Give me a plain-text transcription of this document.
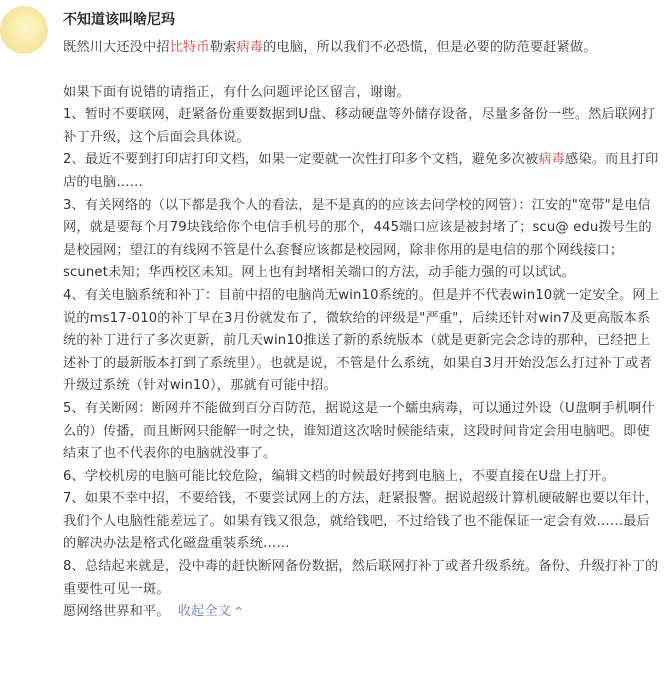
不知道该叫啥尼玛

既然川大还没中招比特币勒索病毒的电脑，所以我们不必恐慌，但是必要的防范要赶紧做。

如果下面有说错的请指正，有什么问题评论区留言，谢谢。

1、暂时不要联网，赶紧备份重要数据到U盘、移动硬盘等外储存设备，尽量多备份一些。然后联网打补丁升级，这个后面会具体说。

2、最近不要到打印店打印文档，如果一定要就一次性打印多个文档，避免多次被病毒感染。而且打印店的电脑……

3、有关网络的（以下都是我个人的看法，是不是真的的应该去问学校的网管）：江安的"宽带"是电信网，就是要每个月79块钱给你个电信手机号的那个，445端口应该是被封堵了；scu@ edu拨号生的是校园网；望江的有线网不管是什么套餐应该都是校园网，除非你用的是电信的那个网线接口；scunet未知；华西校区未知。网上也有封堵相关端口的方法，动手能力强的可以试试。

4、有关电脑系统和补丁：目前中招的电脑尚无win10系统的。但是并不代表win10就一定安全。网上说的ms17-010的补丁早在3月份就发布了，微软给的评级是"严重"，后续还针对win7及更高版本系统的补丁进行了多次更新，前几天win10推送了新的系统版本（就是更新完会念诗的那种，已经把上述补丁的最新版本打到了系统里）。也就是说，不管是什么系统，如果自3月开始没怎么打过补丁或者升级过系统（针对win10），那就有可能中招。

5、有关断网：断网并不能做到百分百防范，据说这是一个蠕虫病毒，可以通过外设（U盘啊手机啊什么的）传播，而且断网只能解一时之快，谁知道这次啥时候能结束，这段时间肯定会用电脑吧。即使结束了也不代表你的电脑就没事了。

6、学校机房的电脑可能比较危险，编辑文档的时候最好拷到电脑上，不要直接在U盘上打开。

7、如果不幸中招，不要给钱，不要尝试网上的方法，赶紧报警。据说超级计算机硬破解也要以年计，我们个人电脑性能差远了。如果有钱又很急，就给钱吧，不过给钱了也不能保证一定会有效……最后的解决办法是格式化磁盘重装系统……

8、总结起来就是，没中毒的赶快断网备份数据，然后联网打补丁或者升级系统。备份、升级打补丁的重要性可见一斑。

愿网络世界和平。 收起全文 ^
